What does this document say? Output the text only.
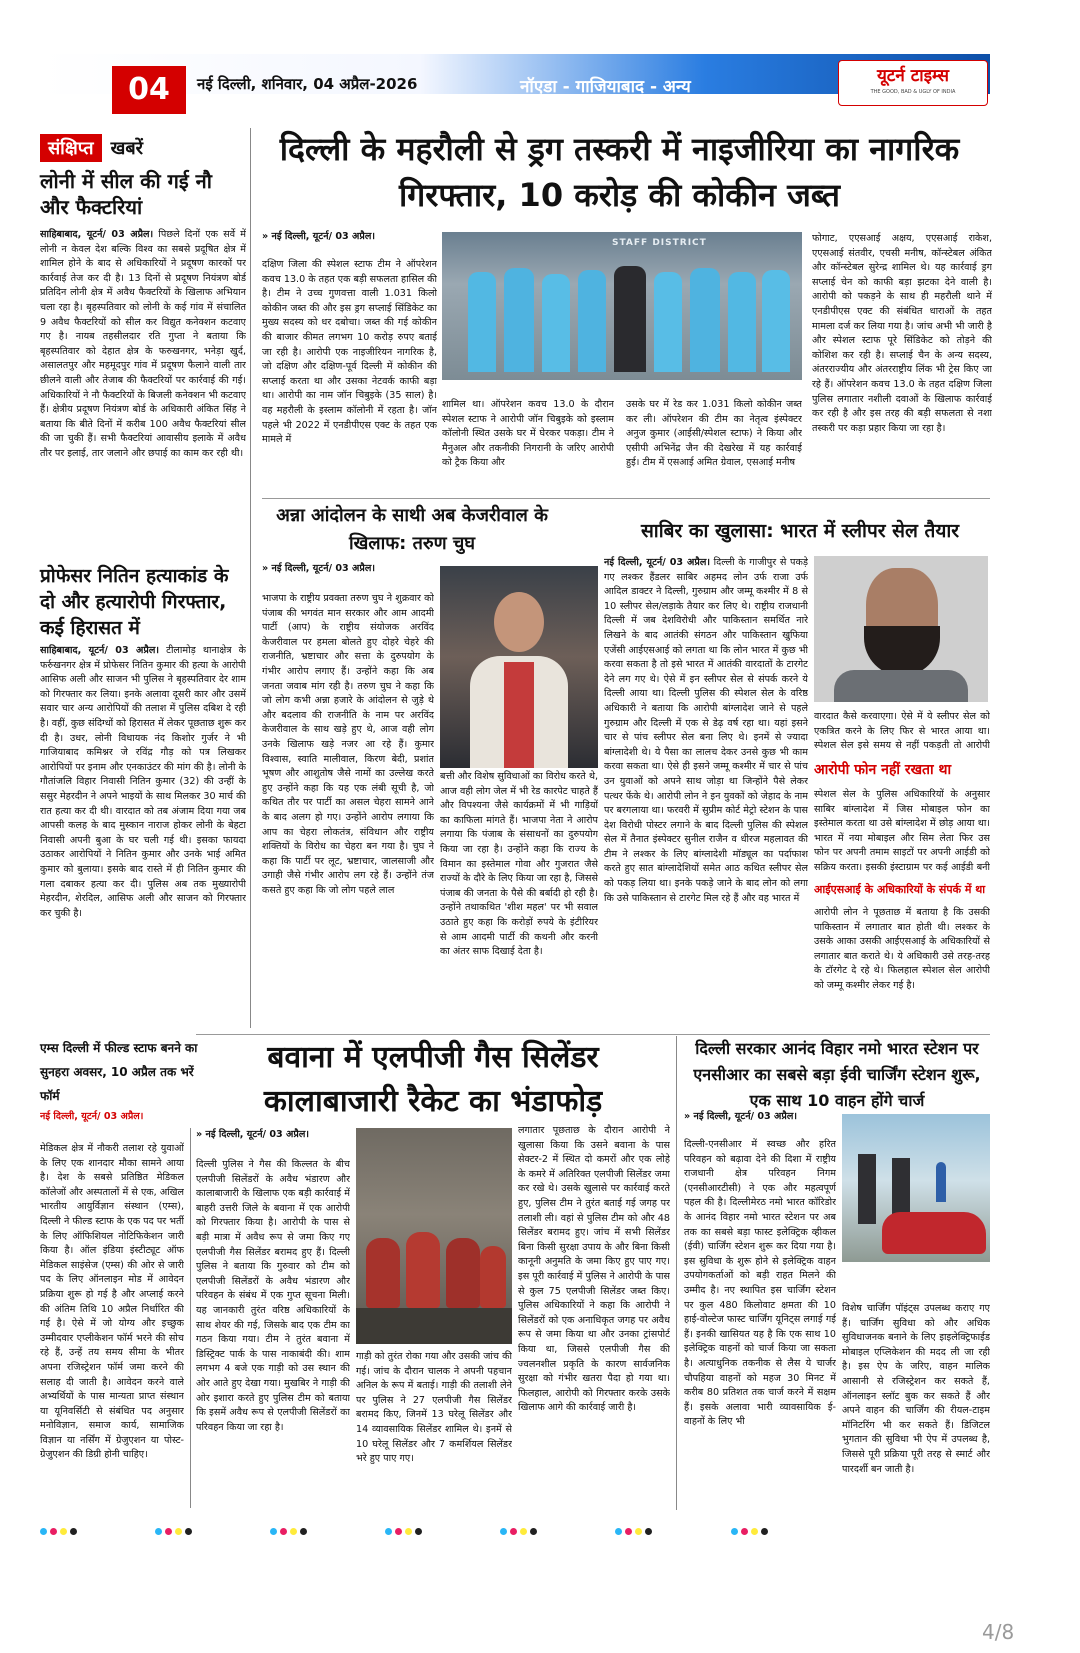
04	नई दिल्ली, शनिवार, 04 अप्रैल-2026	नॉएडा - गाजियाबाद - अन्य
यूटर्न टाइम्स
THE GOOD, BAD & UGLY OF INDIA
संक्षिप्त खबरें
लोनी में सील की गई नौ और फैक्टरियां
साहिबाबाद, यूटर्न/ 03 अप्रैल। पिछले दिनों एक सर्वे में लोनी न केवल देश बल्कि विश्व का सबसे प्रदूषित क्षेत्र में शामिल होने के बाद से अधिकारियों ने प्रदूषण कारकों पर कार्रवाई तेज कर दी है। 13 दिनों से प्रदूषण नियंत्रण बोर्ड प्रतिदिन लोनी क्षेत्र में अवैध फैक्टरियों के खिलाफ अभियान चला रहा है। बृहस्पतिवार को लोनी के कई गांव में संचालित 9 अवैध फैक्टरियों को सील कर विद्युत कनेक्शन कटवाए गए है। नायब तहसीलदार रति गुप्ता ने बताया कि बृहस्पतिवार को देहात क्षेत्र के फरुखनगर, भनेड़ा खुर्द, असालतपुर और महमूदपुर गांव में प्रदूषण फैलाने वाली तार छीलने वाली और तेजाब की फैक्टरियों पर कार्रवाई की गई। अधिकारियों ने नौ फैक्टरियों के बिजली कनेक्शन भी कटवाए हैं। क्षेत्रीय प्रदूषण नियंत्रण बोर्ड के अधिकारी अंकित सिंह ने बताया कि बीते दिनों में करीब 100 अवैध फैक्टरियां सील की जा चुकी हैं। सभी फैक्टरियां आवासीय इलाके में अवैध तौर पर इलाई, तार जलाने और छपाई का काम कर रही थी।
प्रोफेसर नितिन हत्याकांड के दो और हत्यारोपी गिरफ्तार, कई हिरासत में
साहिबाबाद, यूटर्न/ 03 अप्रैल। टीलामोड़ थानाक्षेत्र के फर्रुखनगर क्षेत्र में प्रोफेसर नितिन कुमार की हत्या के आरोपी आसिफ अली और साजन भी पुलिस ने बृहस्पतिवार देर शाम को गिरफ्तार कर लिया। इनके अलावा दूसरी कार और उसमें सवार चार अन्य आरोपियों की तलाश में पुलिस दबिश दे रही है। वहीं, कुछ संदिग्धों को हिरासत में लेकर पूछताछ शुरू कर दी है। उधर, लोनी विधायक नंद किशोर गुर्जर ने भी गाजियाबाद कमिश्नर जे रविंद्र गौड़ को पत्र लिखकर आरोपियों पर इनाम और एनकाउंटर की मांग की है। लोनी के गौतांजलि विहार निवासी नितिन कुमार (32) की उन्हीं के ससुर मेहरदीन ने अपने भाइयों के साथ मिलकर 30 मार्च की रात हत्या कर दी थी। वारदात को तब अंजाम दिया गया जब आपसी कलह के बाद मुस्कान नाराज होकर लोनी के बेहटा निवासी अपनी बुआ के घर चली गई थी। इसका फायदा उठाकर आरोपियों ने नितिन कुमार और उनके भाई अमित कुमार को बुलाया। इसके बाद रास्ते में ही नितिन कुमार की गला दबाकर हत्या कर दी। पुलिस अब तक मुख्यारोपी मेहरदीन, शेरदिल, आसिफ अली और साजन को गिरफ्तार कर चुकी है।
एम्स दिल्ली में फील्ड स्टाफ बनने का सुनहरा अवसर, 10 अप्रैल तक भरें फॉर्म
नई दिल्ली, यूटर्न/ 03 अप्रैल।
मेडिकल क्षेत्र में नौकरी तलाश रहे युवाओं के लिए एक शानदार मौका सामने आया है। देश के सबसे प्रतिष्ठित मेडिकल कॉलेजों और अस्पतालों में से एक, अखिल भारतीय आयुर्विज्ञान संस्थान (एम्स), दिल्ली ने फील्ड स्टाफ के एक पद पर भर्ती के लिए ऑफिशियल नोटिफिकेशन जारी किया है। ऑल इंडिया इंस्टीट्यूट ऑफ मेडिकल साइंसेज (एम्स) की ओर से जारी पद के लिए ऑनलाइन मोड में आवेदन प्रक्रिया शुरू हो गई है और अप्लाई करने की अंतिम तिथि 10 अप्रैल निर्धारित की गई है। ऐसे में जो योग्य और इच्छुक उम्मीदवार एप्लीकेशन फॉर्म भरने की सोच रहे हैं, उन्हें तय समय सीमा के भीतर अपना रजिस्ट्रेशन फॉर्म जमा करने की सलाह दी जाती है। आवेदन करने वाले अभ्यर्थियों के पास मान्यता प्राप्त संस्थान या यूनिवर्सिटी से संबंधित पद अनुसार मनोविज्ञान, समाज कार्य, सामाजिक विज्ञान या नर्सिंग में ग्रेजुएशन या पोस्ट-ग्रेजुएशन की डिग्री होनी चाहिए।
दिल्ली के महरौली से ड्रग तस्करी में नाइजीरिया का नागरिक गिरफ्तार, 10 करोड़ की कोकीन जब्त
» नई दिल्ली, यूटर्न/ 03 अप्रैल।
दक्षिण जिला की स्पेशल स्टाफ टीम ने ऑपरेशन कवच 13.0 के तहत एक बड़ी सफलता हासिल की है। टीम ने उच्च गुणवत्ता वाली 1.031 किलो कोकीन जब्त की और इस ड्रग सप्लाई सिंडिकेट का मुख्य सदस्य को धर दबोचा। जब्त की गई कोकीन की बाजार कीमत लगभग 10 करोड़ रुपए बताई जा रही है। आरोपी एक नाइजीरियन नागरिक है, जो दक्षिण और दक्षिण-पूर्व दिल्ली में कोकीन की सप्लाई करता था और उसका नेटवर्क काफी बड़ा था। आरोपी का नाम जॉन चिबुइके (35 साल) है। वह महरौली के इस्लाम कॉलोनी में रहता है। जॉन पहले भी 2022 में एनडीपीएस एक्ट के तहत एक मामले में
STAFF DISTRICT
शामिल था। ऑपरेशन कवच 13.0 के दौरान स्पेशल स्टाफ ने आरोपी जॉन चिबुइके को इस्लाम कॉलोनी स्थित उसके घर में घेरकर पकड़ा। टीम ने मैनुअल और तकनीकी निगरानी के जरिए आरोपी को ट्रैक किया और
उसके घर में रेड कर 1.031 किलो कोकीन जब्त कर ली। ऑपरेशन की टीम का नेतृत्व इंस्पेक्टर अनुज कुमार (आईसी/स्पेशल स्टाफ) ने किया और एसीपी अभिनेंद्र जैन की देखरेख में यह कार्रवाई हुई। टीम में एसआई अमित ग्रेवाल, एसआई मनीष
फोगाट, एएसआई अक्षय, एएसआई राकेश, एएसआई संतवीर, एचसी मनीष, कॉन्स्टेबल अंकित और कॉन्स्टेबल सुरेन्द्र शामिल थे। यह कार्रवाई ड्रग सप्लाई चेन को काफी बड़ा झटका देने वाली है। आरोपी को पकड़ने के साथ ही महरौली थाने में एनडीपीएस एक्ट की संबंधित धाराओं के तहत मामला दर्ज कर लिया गया है। जांच अभी भी जारी है और स्पेशल स्टाफ पूरे सिंडिकेट को तोड़ने की कोशिश कर रही है। सप्लाई चैन के अन्य सदस्य, अंतरराज्यीय और अंतरराष्ट्रीय लिंक भी ट्रेस किए जा रहे हैं। ऑपरेशन कवच 13.0 के तहत दक्षिण जिला पुलिस लगातार नशीली दवाओं के खिलाफ कार्रवाई कर रही है और इस तरह की बड़ी सफलता से नशा तस्करी पर कड़ा प्रहार किया जा रहा है।
अन्ना आंदोलन के साथी अब केजरीवाल के खिलाफ: तरुण चुघ
» नई दिल्ली, यूटर्न/ 03 अप्रैल।
भाजपा के राष्ट्रीय प्रवक्ता तरुण चुघ ने शुक्रवार को पंजाब की भगवंत मान सरकार और आम आदमी पार्टी (आप) के राष्ट्रीय संयोजक अरविंद केजरीवाल पर हमला बोलते हुए दोहरे चेहरे की राजनीति, भ्रष्टाचार और सत्ता के दुरुपयोग के गंभीर आरोप लगाए हैं। उन्होंने कहा कि अब जनता जवाब मांग रही है। तरुण चुघ ने कहा कि जो लोग कभी अन्ना हजारे के आंदोलन से जुड़े थे और बदलाव की राजनीति के नाम पर अरविंद केजरीवाल के साथ खड़े हुए थे, आज वही लोग उनके खिलाफ खड़े नजर आ रहे हैं। कुमार विश्वास, स्वाति मालीवाल, किरण बेदी, प्रशांत भूषण और आशुतोष जैसे नामों का उल्लेख करते हुए उन्होंने कहा कि यह एक लंबी सूची है, जो कथित तौर पर पार्टी का असल चेहरा सामने आने के बाद अलग हो गए। उन्होंने आरोप लगाया कि आप का चेहरा लोकतंत्र, संविधान और राष्ट्रीय शक्तियों के विरोध का चेहरा बन गया है। चुघ ने कहा कि पार्टी पर लूट, भ्रष्टाचार, जालसाजी और उगाही जैसे गंभीर आरोप लग रहे हैं। उन्होंने तंज कसते हुए कहा कि जो लोग पहले लाल
बत्ती और विशेष सुविधाओं का विरोध करते थे, आज वही लोग जेल में भी रेड कारपेट चाहते हैं और विपश्यना जैसे कार्यक्रमों में भी गाड़ियों का काफिला मांगते हैं। भाजपा नेता ने आरोप लगाया कि पंजाब के संसाधनों का दुरुपयोग किया जा रहा है। उन्होंने कहा कि राज्य के विमान का इस्तेमाल गोवा और गुजरात जैसे राज्यों के दौरे के लिए किया जा रहा है, जिससे पंजाब की जनता के पैसे की बर्बादी हो रही है। उन्होंने तथाकथित 'शीश महल' पर भी सवाल उठाते हुए कहा कि करोड़ों रुपये के इंटीरियर से आम आदमी पार्टी की कथनी और करनी का अंतर साफ दिखाई देता है।
साबिर का खुलासा: भारत में स्लीपर सेल तैयार
नई दिल्ली, यूटर्न/ 03 अप्रैल। दिल्ली के गाजीपुर से पकड़े गए लश्कर हैंडलर साबिर अहमद लोन उर्फ राजा उर्फ आदिल डाक्टर ने दिल्ली, गुरुग्राम और जम्मू कश्मीर में 8 से 10 स्लीपर सेल/लड़ाके तैयार कर लिए थे। राष्ट्रीय राजधानी दिल्ली में जब देशविरोधी और पाकिस्तान समर्थित नारे लिखने के बाद आतंकी संगठन और पाकिस्तान खुफिया एजेंसी आईएसआई को लगता था कि लोन भारत में कुछ भी करवा सकता है तो इसे भारत में आतंकी वारदातों के टारगेट देने लग गए थे। ऐसे में इन स्लीपर सेल से संपर्क करने ये दिल्ली आया था। दिल्ली पुलिस की स्पेशल सेल के वरिष्ठ अधिकारी ने बताया कि आरोपी बांग्लादेश जाने से पहले गुरुग्राम और दिल्ली में एक से डेढ़ वर्ष रहा था। यहां इसने चार से पांच स्लीपर सेल बना लिए थे। इनमें से ज्यादा बांग्लादेशी थे। ये पैसा का लालच देकर उनसे कुछ भी काम करवा सकता था। ऐसे ही इसने जम्मू कश्मीर में चार से पांच उन युवाओं को अपने साथ जोड़ा था जिन्होंने पैसे लेकर पत्थर फेंके थे। आरोपी लोन ने इन युवकों को जेहाद के नाम पर बरगलाया था। फरवरी में सुप्रीम कोर्ट मेट्रो स्टेशन के पास देश विरोधी पोस्टर लगाने के बाद दिल्ली पुलिस की स्पेशल सेल में तैनात इंस्पेक्टर सुनील राजैन व धीरज महलावत की टीम ने लश्कर के लिए बांग्लादेशी मॉड्यूल का पर्दाफाश करते हुए सात बांग्लादेशियों समेत आठ कथित स्लीपर सेल को पकड़ लिया था। इनके पकड़े जाने के बाद लोन को लगा कि उसे पाकिस्तान से टारगेट मिल रहे हैं और वह भारत में
वारदात कैसे करवाएगा। ऐसे में ये स्लीपर सेल को एकत्रित करने के लिए फिर से भारत आया था। स्पेशल सेल इसे समय से नहीं पकड़ती तो आरोपी
आरोपी फोन नहीं रखता था
स्पेशल सेल के पुलिस अधिकारियों के अनुसार साबिर बांग्लादेश में जिस मोबाइल फोन का इस्तेमाल करता था उसे बांग्लादेश में छोड़ आया था। भारत में नया मोबाइल और सिम लेता फिर उस फोन पर अपनी तमाम साइटों पर अपनी आईडी को सक्रिय करता। इसकी इंस्टाग्राम पर कई आईडी बनी
आईएसआई के अधिकारियों के संपर्क में था
आरोपी लोन ने पूछताछ में बताया है कि उसकी पाकिस्तान में लगातार बात होती थी। लश्कर के उसके आका उसकी आईएसआई के अधिकारियों से लगातार बात कराते थे। ये अधिकारी उसे तरह-तरह के टॉरगेट दे रहे थे। फिलहाल स्पेशल सेल आरोपी को जम्मू कश्मीर लेकर गई है।
बवाना में एलपीजी गैस सिलेंडर कालाबाजारी रैकेट का भंडाफोड़
» नई दिल्ली, यूटर्न/ 03 अप्रैल।
दिल्ली पुलिस ने गैस की किल्लत के बीच एलपीजी सिलेंडरों के अवैध भंडारण और कालाबाजारी के खिलाफ एक बड़ी कार्रवाई में बाहरी उत्तरी जिले के बवाना में एक आरोपी को गिरफ्तार किया है। आरोपी के पास से बड़ी मात्रा में अवैध रूप से जमा किए गए एलपीजी गैस सिलेंडर बरामद हुए हैं। दिल्ली पुलिस ने बताया कि गुरुवार को टीम को एलपीजी सिलेंडरों के अवैध भंडारण और परिवहन के संबंध में एक गुप्त सूचना मिली। यह जानकारी तुरंत वरिष्ठ अधिकारियों के साथ शेयर की गई, जिसके बाद एक टीम का गठन किया गया। टीम ने तुरंत बवाना में डिस्ट्रिक्ट पार्क के पास नाकाबंदी की। शाम लगभग 4 बजे एक गाड़ी को उस स्थान की ओर आते हुए देखा गया। मुखबिर ने गाड़ी की ओर इशारा करते हुए पुलिस टीम को बताया कि इसमें अवैध रूप से एलपीजी सिलेंडरों का परिवहन किया जा रहा है।
गाड़ी को तुरंत रोका गया और उसकी जांच की गई। जांच के दौरान चालक ने अपनी पहचान अनिल के रूप में बताई। गाड़ी की तलाशी लेने पर पुलिस ने 27 एलपीजी गैस सिलेंडर बरामद किए, जिनमें 13 घरेलू सिलेंडर और 14 व्यावसायिक सिलेंडर शामिल थे। इनमें से 10 घरेलू सिलेंडर और 7 कमर्शियल सिलेंडर भरे हुए पाए गए।
लगातार पूछताछ के दौरान आरोपी ने खुलासा किया कि उसने बवाना के पास सेक्टर-2 में स्थित दो कमरों और एक लोहे के कमरे में अतिरिक्त एलपीजी सिलेंडर जमा कर रखे थे। उसके खुलासे पर कार्रवाई करते हुए, पुलिस टीम ने तुरंत बताई गई जगह पर तलाशी ली। वहां से पुलिस टीम को और 48 सिलेंडर बरामद हुए। जांच में सभी सिलेंडर बिना किसी सुरक्षा उपाय के और बिना किसी कानूनी अनुमति के जमा किए हुए पाए गए। इस पूरी कार्रवाई में पुलिस ने आरोपी के पास से कुल 75 एलपीजी सिलेंडर जब्त किए। पुलिस अधिकारियों ने कहा कि आरोपी ने सिलेंडरों को एक अनाधिकृत जगह पर अवैध रूप से जमा किया था और उनका ट्रांसपोर्ट किया था, जिससे एलपीजी गैस की ज्वलनशील प्रकृति के कारण सार्वजनिक सुरक्षा को गंभीर खतरा पैदा हो गया था। फिलहाल, आरोपी को गिरफ्तार करके उसके खिलाफ आगे की कार्रवाई जारी है।
दिल्ली सरकार आनंद विहार नमो भारत स्टेशन पर एनसीआर का सबसे बड़ा ईवी चार्जिंग स्टेशन शुरू, एक साथ 10 वाहन होंगे चार्ज
» नई दिल्ली, यूटर्न/ 03 अप्रैल।
दिल्ली-एनसीआर में स्वच्छ और हरित परिवहन को बढ़ावा देने की दिशा में राष्ट्रीय राजधानी क्षेत्र परिवहन निगम (एनसीआरटीसी) ने एक और महत्वपूर्ण पहल की है। दिल्लीमेरठ नमो भारत कॉरिडोर के आनंद विहार नमो भारत स्टेशन पर अब तक का सबसे बड़ा फास्ट इलेक्ट्रिक व्हीकल (ईवी) चार्जिंग स्टेशन शुरू कर दिया गया है। इस सुविधा के शुरू होने से इलेक्ट्रिक वाहन उपयोगकर्ताओं को बड़ी राहत मिलने की उम्मीद है। नए स्थापित इस चार्जिंग स्टेशन पर कुल 480 किलोवाट क्षमता की 10 हाई-वोल्टेज फास्ट चार्जिंग यूनिट्स लगाई गई हैं। इनकी खासियत यह है कि एक साथ 10 इलेक्ट्रिक वाहनों को चार्ज किया जा सकता है। अत्याधुनिक तकनीक से लैस ये चार्जर चौपहिया वाहनों को महज 30 मिनट में करीब 80 प्रतिशत तक चार्ज करने में सक्षम हैं। इसके अलावा भारी व्यावसायिक ई-वाहनों के लिए भी
विशेष चार्जिंग पॉइंट्स उपलब्ध कराए गए हैं। चार्जिंग सुविधा को और अधिक सुविधाजनक बनाने के लिए इाइलेक्ट्रिफाईड मोबाइल एप्लिकेशन की मदद ली जा रही है। इस ऐप के जरिए, वाहन मालिक आसानी से रजिस्ट्रेशन कर सकते हैं, ऑनलाइन स्लॉट बुक कर सकते हैं और अपने वाहन की चार्जिंग की रीयल-टाइम मॉनिटरिंग भी कर सकते हैं। डिजिटल भुगतान की सुविधा भी ऐप में उपलब्ध है, जिससे पूरी प्रक्रिया पूरी तरह से स्मार्ट और पारदर्शी बन जाती है।

4/8
